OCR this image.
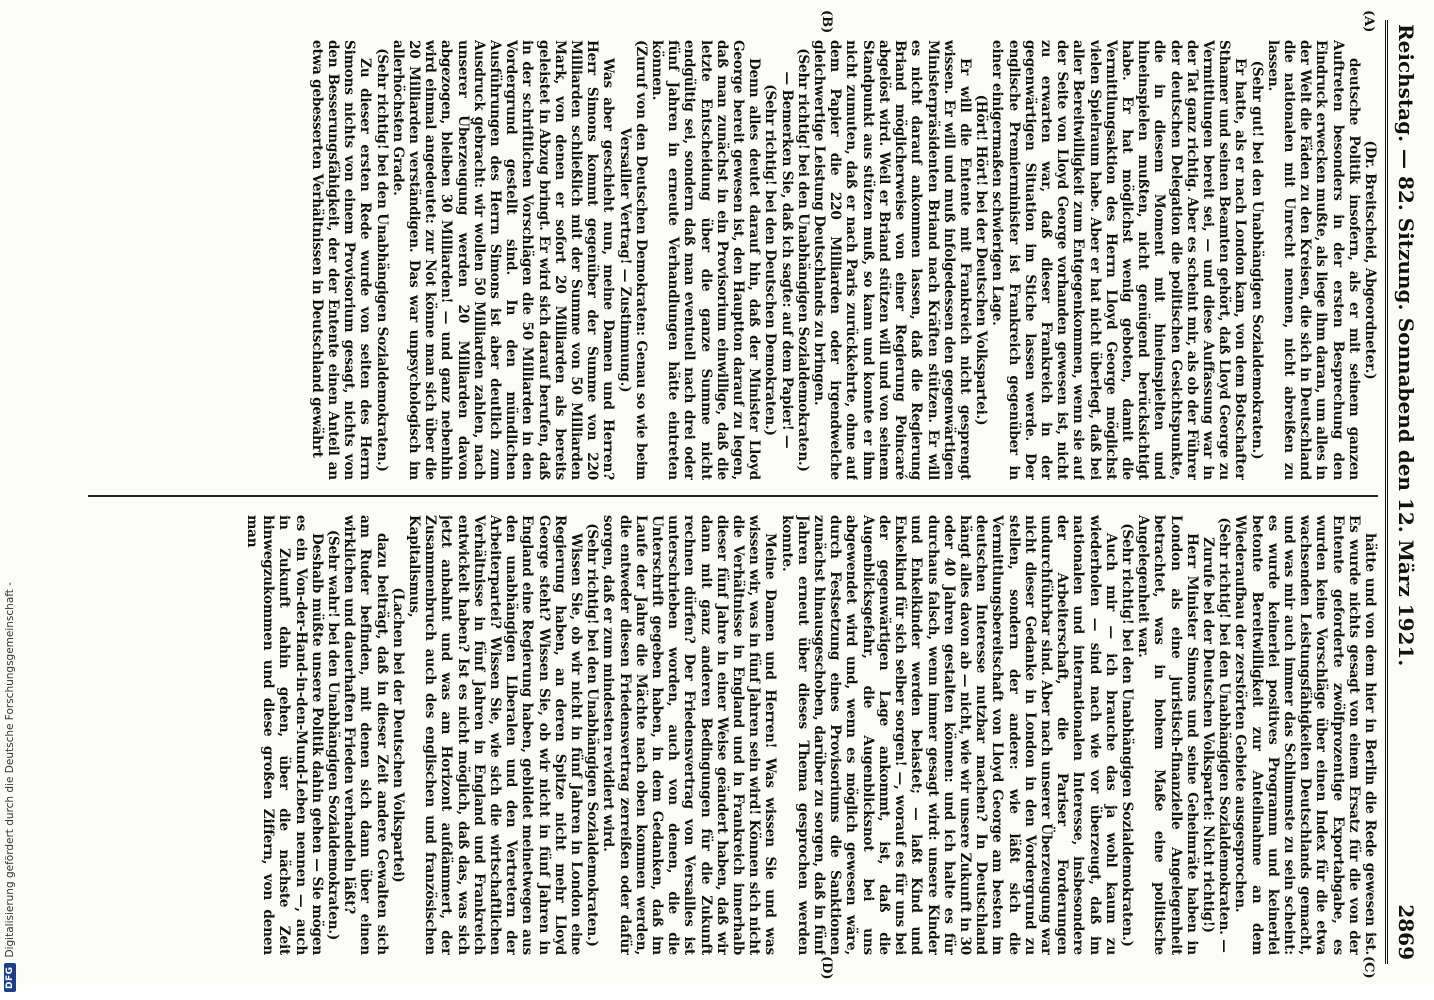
Reichstag. — 82. Sitzung.
Sonnabend den 12. März 1921.
2869
(A)
(B)
(C)
(D)

(Dr. Breitscheid, Abgeordneter.)

deutsche Politik insofern, als er mit seinem ganzen Auftreten besonders in der ersten Besprechung den Eindruck erwecken mußte, als liege ihm daran, um alles in der Welt die Fäden zu den Kreisen, die sich in Deutschland die nationalen mit Unrecht nennen, nicht abreißen zu lassen.

(Sehr gut! bei den Unabhängigen Sozialdemokraten.)

Er hatte, als er nach London kam, von dem Botschafter Sthamer und seinen Beamten gehört, daß Lloyd George zu Vermittlungen bereit sei, — und diese Auffassung war in der Tat ganz richtig. Aber es scheint mir, als ob der Führer der deutschen Delegation die politischen Gesichtspunkte, die in diesem Moment mit hineinspielten und hineinspielen mußten, nicht genügend berücksichtigt habe. Er hat möglichst wenig geboten, damit die Vermittlungsaktion des Herrn Lloyd George möglichst vielen Spielraum habe. Aber er hat nicht überlegt, daß bei aller Bereitwilligkeit zum Entgegenkommen, wenn sie auf der Seite von Lloyd George vorhanden gewesen ist, nicht zu erwarten war, daß dieser Frankreich in der gegenwärtigen Situation im Stiche lassen werde. Der englische Premierminister ist Frankreich gegenüber in einer einigermaßen schwierigen Lage.

(Hört! Hört! bei der Deutschen Volkspartei.)

Er will die Entente mit Frankreich nicht gesprengt wissen. Er will und muß infolgedessen den gegenwärtigen Ministerpräsidenten Briand nach Kräften stützen. Er will es nicht darauf ankommen lassen, daß die Regierung Briand möglicherweise von einer Regierung Poincaré abgelöst wird. Weil er Briand stützen will und von seinem Standpunkt aus stützen muß, so kann und konnte er ihm nicht zumuten, daß er nach Paris zurückkehrte, ohne auf dem Papier die 220 Milliarden oder irgendwelche gleichwertige Leistung Deutschlands zu bringen.

(Sehr richtig! bei den Unabhängigen Sozialdemokraten.) — Bemerken Sie, daß ich sagte: auf dem Papier! —

(Sehr richtig! bei den Deutschen Demokraten.)

Denn alles deutet darauf hin, daß der Minister Lloyd George bereit gewesen ist, den Hauptton darauf zu legen, daß man zunächst in ein Provisorium einwillige, daß die letzte Entscheidung über die ganze Summe nicht endgültig sei, sondern daß man eventuell nach drei oder fünf Jahren in erneute Verhandlungen hätte eintreten können.

(Zuruf von den Deutschen Demokraten: Genau so wie beim Versailler Vertrag! — Zustimmung.)

Was aber geschieht nun, meine Damen und Herren? Herr Simons kommt gegenüber der Summe von 220 Milliarden schließlich mit der Summe von 50 Milliarden Mark, von denen er sofort 20 Milliarden als bereits geleistet in Abzug bringt. Er wird sich darauf berufen, daß in der schriftlichen Vorschlägen die 50 Milliarden in den Vordergrund gestellt sind. In den mündlichen Ausführungen des Herrn Simons ist aber deutlich zum Ausdruck gebracht: wir wollen 50 Milliarden zahlen, nach unserer Überzeugung werden 20 Milliarden davon abgezogen, bleiben 30 Milliarden! — und ganz nebenhin wird einmal angedeutet: zur Not könne man sich über die 20 Milliarden verständigen. Das war unpsychologisch im allerhöchsten Grade.

(Sehr richtig! bei den Unabhängigen Sozialdemokraten.)

Zu dieser ersten Rede wurde von seiten des Herrn Simons nichts von einem Provisorium gesagt, nichts von den Besserungsfähigkeit, der der Entente einen Anteil an etwa gebesserten Verhältnissen in Deutschland gewährt

hätte und von dem hier in Berlin die Rede gewesen ist. Es wurde nichts gesagt von einem Ersatz für die von der Entente geforderte zwölfprozentige Exportabgabe, es wurden keine Vorschläge über einen Index für die etwa wachsenden Leistungsfähigkeiten Deutschlands gemacht, und was mir auch immer das Schlimmste zu sein scheint: es wurde keinerlei positives Programm und keinerlei betonte Bereitwilligkeit zur Anteilnahme an dem Wiederaufbau der zerstörten Gebiete ausgesprochen.

(Sehr richtig! bei den Unabhängigen Sozialdemokraten. — Zurufe bei der Deutschen Volkspartei: Nicht richtig!)

Herr Minister Simons und seine Geheimräte haben in London als eine juristisch-finanzielle Angelegenheit betrachtet, was in hohem Maße eine politische Angelegenheit war.

(Sehr richtig! bei den Unabhängigen Sozialdemokraten.)

Auch mir — ich brauche das ja wohl kaum zu wiederholen — sind nach wie vor überzeugt, daß im nationalen und internationalen Interesse, insbesondere der Arbeiterschaft, die Pariser Forderungen undurchführbar sind. Aber nach unserer Überzeugung war nicht dieser Gedanke in London in den Vordergrund zu stellen, sondern der andere: wie läßt sich die Vermittlungsbereitschaft von Lloyd George am besten im deutschen Interesse nutzbar machen? In Deutschland hängt alles davon ab — nicht, wie wir unsere Zukunft in 30 oder 40 Jahren gestalten können: und ich halte es für durchaus falsch, wenn immer gesagt wird: unsere Kinder und Enkelkinder werden belastet; — laßt Kind und Enkelkind für sich selber sorgen! —, worauf es für uns bei der gegenwärtigen Lage ankommt, ist, daß die Augenblicksgefahr, die Augenblicksnot bei uns abgewendet wird und, wenn es möglich gewesen wäre, durch Festsetzung eines Provisoriums die Sanktionen zunächst hinausgeschoben, darüber zu sorgen, daß in fünf Jahren erneut über dieses Thema gesprochen werden konnte.

Meine Damen und Herren! Was wissen Sie und was wissen wir, was in fünf Jahren sein wird! Können sich nicht die Verhältnisse in England und in Frankreich innerhalb dieser fünf Jahre in einer Weise geändert haben, daß wir dann mit ganz anderen Bedingungen für die Zukunft rechnen dürfen? Der Friedensvertrag von Versailles ist unterschrieben worden, auch von denen, die die Unterschrift gegeben haben, in dem Gedanken, daß im Laufe der Jahre die Mächte nach oben kommen werden, die entweder diesen Friedensvertrag zerreißen oder dafür sorgen, daß er zum mindesten revidiert wird.

(Sehr richtig! bei den Unabhängigen Sozialdemokraten.)

Wissen Sie, ob wir nicht in fünf Jahren in London eine Regierung haben, an deren Spitze nicht mehr Lloyd George steht? Wissen Sie, ob wir nicht in fünf Jahren in England eine Regierung haben, gebildet meinetwegen aus den unabhängigen Liberalen und den Vertretern der Arbeiterpartei? Wissen Sie, wie sich die wirtschaftlichen Verhältnisse in fünf Jahren in England und Frankreich entwickelt haben? Ist es nicht möglich, daß das, was sich jetzt anbahnt und was am Horizont aufdämmert, der Zusammenbruch auch des englischen und französischen Kapitalismus,

(Lachen bei der Deutschen Volkspartei)

dazu beiträgt, daß in dieser Zeit andere Gewalten sich am Ruder befinden, mit denen sich dann über einen wirklichen und dauerhaften Frieden verhandeln läßt?

(Sehr wahr! bei den Unabhängigen Sozialdemokraten.)

Deshalb müßte unsere Politik dahin gehen — Sie mögen es ein Von-der-Hand-in-den-Mund-Leben nennen —, auch in Zukunft dahin gehen, über die nächste Zeit hinwegzukommen und diese großen Ziffern, von denen man

DFG
Digitalisierung gefördert durch die Deutsche Forschungsgemeinschaft -
